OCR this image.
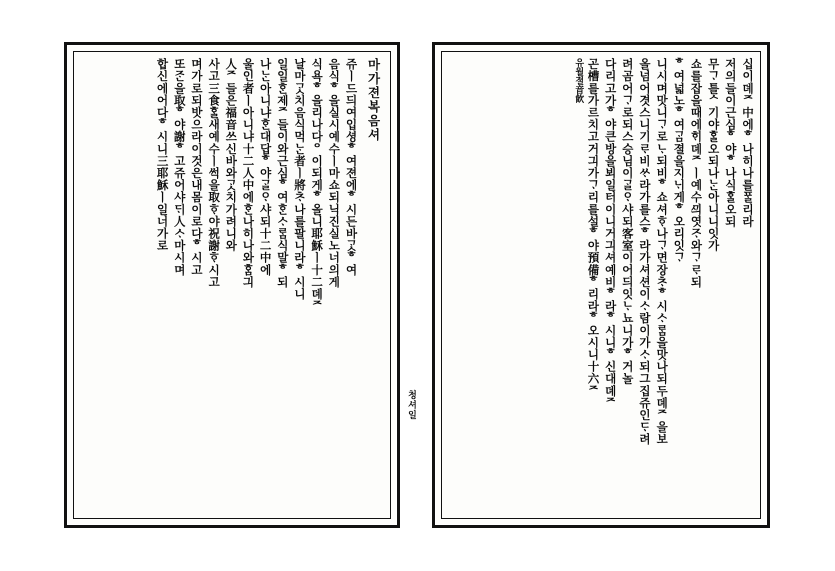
마가젼복음셔
쥬ㅣ드듸여입셩ᄒ여젼에ᄒ시든바ᄀᆞᆺᄒ여
음식ᄒ을실시예수ㅣ마쇼되닉진실노너의게
식욕ᄒ을리나다ᄋ이되게ᄒ올니耶穌ㅣ十二뎨ᄌ
날마ᄀᆞᆺ치음식먹ᄂᆞᆫ者ㅣ將ᄎᆞ나를팔니라ᄒ시니
일일ᄒᆞᆫ제ᄌ들이와근심ᄒ여ᄒᆞᆫᄉᆞᄅᆞᆷ식말ᄒ되
나ᄂᆞᆫ아니냐ᄒᆞᆫ대답ᄒ야ᄀᆞᆯᄋᆞ샤되十二中에
울인者ㅣ아니냐十二人中에ᄒᆞᆫ나히나와ᄒᆞᆷ긔
人ᄌ들은福音쓰신바와ᄀᆞᆺ치가려니와
사고三食ᄒᆞᆯ새예수ㅣ썩을取ᄒᆞ야祝謝ᄒᆞ시고
며가로되밧으라이것은내몸이로다ᄒ시고
또ᄌᆞᆫ을取ᄒ야謝ᄒ고쥬어샤ᄃᆡ人ᄉᆞ마시며
합신에어다ᄒ시니三耶穌ㅣ일너가로
청셔일
십이뎨ᄌ中에ᄒ나히나를ᄑᆞᆯ리라
저의들이근심ᄒ야ᄒ나식ᄒᆞᆯ오되
무ᄀᆞ틀ᄉ기야ᄒᆞᆯ오되나ᄂᆞᆫ아니니잇가
쇼를잡을때에ᄒᆡ뎨ᄌㅣ예수ᄭᅴ엿ᄌᆞ와ᄀᆞᄅᆞ되
ᄒ여넓노ᄒ여ᄀᆞᆷ졀을지ᄂᆡ게ᄒ오리잇ᄀᆞ
니시며맛니ᄀᆞ로ᄂᆞ되비ᄒ쇼셔ᄒᆞ나ᄀᆞ면장ᄎᆞᄒ시ᄉᆞᄅᆞᆷ을맛나되두뎨ᄌ을보
올넘어겻스니기ᄅᆞ비ᄊᆞ라가를스ᄒ라가셔션이ᄉᆞ람이가ᄉᆞ되그집쥬인ᄃᆞ려
려곰어ᄀᆞ로되스승님이ᄀᆞᆯᄋᆞ샤되客室이어듸잇ᄂᆞ뇨니가ᄒ거놀
다리고가ᄒ야큰방을뵈일터이니거긔셔예비ᄒ라ᄒ시니ᄒ신대뎨ᄌ
곤槽를가르치고거긔가ᄀᆞ리를설ᄒ야預備ᄒ리라ᄒ오시니十六ᄌ
유월졀音飮
